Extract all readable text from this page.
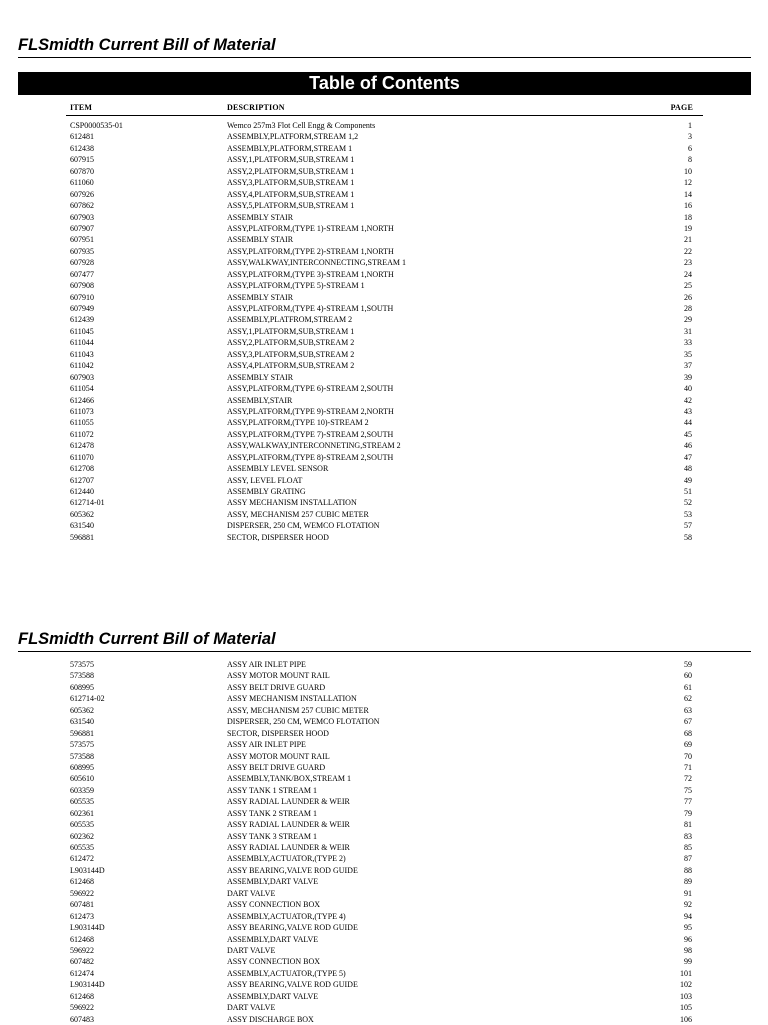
FLSmidth Current Bill of Material
Table of Contents
ITEM	DESCRIPTION	PAGE
CSP0000535-01	Wemco 257m3 Flot Cell Engg & Components	1
612481	ASSEMBLY,PLATFORM,STREAM 1,2	3
612438	ASSEMBLY,PLATFORM,STREAM 1	6
607915	ASSY,1,PLATFORM,SUB,STREAM 1	8
607870	ASSY,2,PLATFORM,SUB,STREAM 1	10
611060	ASSY,3,PLATFORM,SUB,STREAM 1	12
607926	ASSY,4,PLATFORM,SUB,STREAM 1	14
607862	ASSY,5,PLATFORM,SUB,STREAM 1	16
607903	ASSEMBLY STAIR	18
607907	ASSY,PLATFORM,(TYPE 1)-STREAM 1,NORTH	19
607951	ASSEMBLY STAIR	21
607935	ASSY,PLATFORM,(TYPE 2)-STREAM 1,NORTH	22
607928	ASSY,WALKWAY,INTERCONNECTING,STREAM 1	23
607477	ASSY,PLATFORM,(TYPE 3)-STREAM 1,NORTH	24
607908	ASSY,PLATFORM,(TYPE 5)-STREAM 1	25
607910	ASSEMBLY STAIR	26
607949	ASSY,PLATFORM,(TYPE 4)-STREAM 1,SOUTH	28
612439	ASSEMBLY,PLATFROM,STREAM 2	29
611045	ASSY,1,PLATFORM,SUB,STREAM 1	31
611044	ASSY,2,PLATFORM,SUB,STREAM 2	33
611043	ASSY,3,PLATFORM,SUB,STREAM 2	35
611042	ASSY,4,PLATFORM,SUB,STREAM 2	37
607903	ASSEMBLY STAIR	39
611054	ASSY,PLATFORM,(TYPE 6)-STREAM 2,SOUTH	40
612466	ASSEMBLY,STAIR	42
611073	ASSY,PLATFORM,(TYPE 9)-STREAM 2,NORTH	43
611055	ASSY,PLATFORM,(TYPE 10)-STREAM 2	44
611072	ASSY,PLATFORM,(TYPE 7)-STREAM 2,SOUTH	45
612478	ASSY,WALKWAY,INTERCONNETING,STREAM 2	46
611070	ASSY,PLATFORM,(TYPE 8)-STREAM 2,SOUTH	47
612708	ASSEMBLY LEVEL SENSOR	48
612707	ASSY, LEVEL FLOAT	49
612440	ASSEMBLY GRATING	51
612714-01	ASSY MECHANISM INSTALLATION	52
605362	ASSY, MECHANISM 257 CUBIC METER	53
631540	DISPERSER, 250 CM, WEMCO FLOTATION	57
596881	SECTOR, DISPERSER HOOD	58
FLSmidth Current Bill of Material
573575	ASSY AIR INLET PIPE	59
573588	ASSY MOTOR MOUNT RAIL	60
608995	ASSY BELT DRIVE GUARD	61
612714-02	ASSY MECHANISM INSTALLATION	62
605362	ASSY, MECHANISM 257 CUBIC METER	63
631540	DISPERSER, 250 CM, WEMCO FLOTATION	67
596881	SECTOR, DISPERSER HOOD	68
573575	ASSY AIR INLET PIPE	69
573588	ASSY MOTOR MOUNT RAIL	70
608995	ASSY BELT DRIVE GUARD	71
605610	ASSEMBLY,TANK/BOX,STREAM 1	72
603359	ASSY TANK 1 STREAM 1	75
605535	ASSY RADIAL LAUNDER & WEIR	77
602361	ASSY TANK 2 STREAM 1	79
605535	ASSY RADIAL LAUNDER & WEIR	81
602362	ASSY TANK 3 STREAM 1	83
605535	ASSY RADIAL LAUNDER & WEIR	85
612472	ASSEMBLY,ACTUATOR,(TYPE 2)	87
L903144D	ASSY BEARING,VALVE ROD GUIDE	88
612468	ASSEMBLY,DART VALVE	89
596922	DART VALVE	91
607481	ASSY CONNECTION BOX	92
612473	ASSEMBLY,ACTUATOR,(TYPE 4)	94
L903144D	ASSY BEARING,VALVE ROD GUIDE	95
612468	ASSEMBLY,DART VALVE	96
596922	DART VALVE	98
607482	ASSY CONNECTION BOX	99
612474	ASSEMBLY,ACTUATOR,(TYPE 5)	101
L903144D	ASSY BEARING,VALVE ROD GUIDE	102
612468	ASSEMBLY,DART VALVE	103
596922	DART VALVE	105
607483	ASSY DISCHARGE BOX	106
